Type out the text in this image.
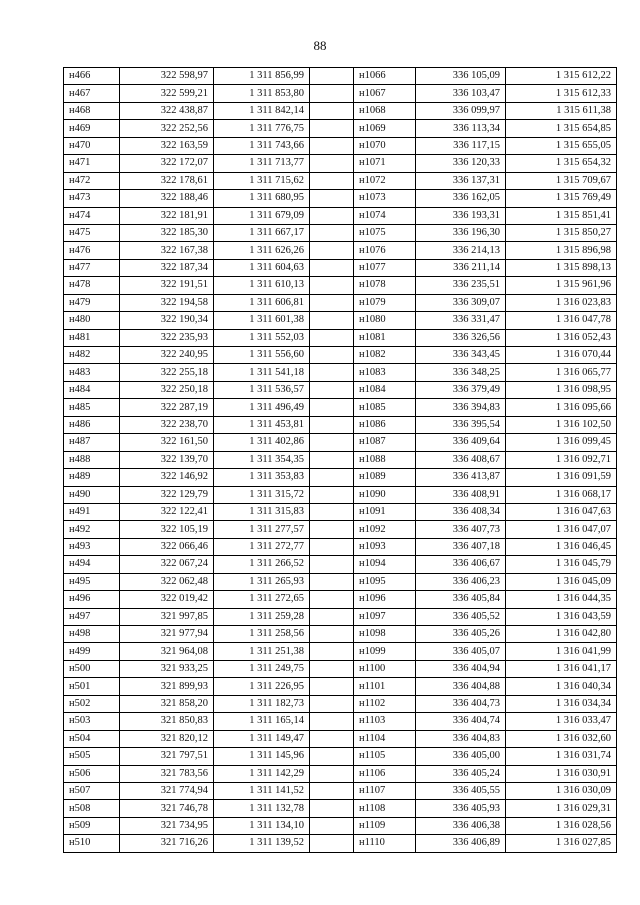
88
н466	322 598,97	1 311 856,99		н1066	336 105,09	1 315 612,22
н467	322 599,21	1 311 853,80		н1067	336 103,47	1 315 612,33
н468	322 438,87	1 311 842,14		н1068	336 099,97	1 315 611,38
н469	322 252,56	1 311 776,75		н1069	336 113,34	1 315 654,85
н470	322 163,59	1 311 743,66		н1070	336 117,15	1 315 655,05
н471	322 172,07	1 311 713,77		н1071	336 120,33	1 315 654,32
н472	322 178,61	1 311 715,62		н1072	336 137,31	1 315 709,67
н473	322 188,46	1 311 680,95		н1073	336 162,05	1 315 769,49
н474	322 181,91	1 311 679,09		н1074	336 193,31	1 315 851,41
н475	322 185,30	1 311 667,17		н1075	336 196,30	1 315 850,27
н476	322 167,38	1 311 626,26		н1076	336 214,13	1 315 896,98
н477	322 187,34	1 311 604,63		н1077	336 211,14	1 315 898,13
н478	322 191,51	1 311 610,13		н1078	336 235,51	1 315 961,96
н479	322 194,58	1 311 606,81		н1079	336 309,07	1 316 023,83
н480	322 190,34	1 311 601,38		н1080	336 331,47	1 316 047,78
н481	322 235,93	1 311 552,03		н1081	336 326,56	1 316 052,43
н482	322 240,95	1 311 556,60		н1082	336 343,45	1 316 070,44
н483	322 255,18	1 311 541,18		н1083	336 348,25	1 316 065,77
н484	322 250,18	1 311 536,57		н1084	336 379,49	1 316 098,95
н485	322 287,19	1 311 496,49		н1085	336 394,83	1 316 095,66
н486	322 238,70	1 311 453,81		н1086	336 395,54	1 316 102,50
н487	322 161,50	1 311 402,86		н1087	336 409,64	1 316 099,45
н488	322 139,70	1 311 354,35		н1088	336 408,67	1 316 092,71
н489	322 146,92	1 311 353,83		н1089	336 413,87	1 316 091,59
н490	322 129,79	1 311 315,72		н1090	336 408,91	1 316 068,17
н491	322 122,41	1 311 315,83		н1091	336 408,34	1 316 047,63
н492	322 105,19	1 311 277,57		н1092	336 407,73	1 316 047,07
н493	322 066,46	1 311 272,77		н1093	336 407,18	1 316 046,45
н494	322 067,24	1 311 266,52		н1094	336 406,67	1 316 045,79
н495	322 062,48	1 311 265,93		н1095	336 406,23	1 316 045,09
н496	322 019,42	1 311 272,65		н1096	336 405,84	1 316 044,35
н497	321 997,85	1 311 259,28		н1097	336 405,52	1 316 043,59
н498	321 977,94	1 311 258,56		н1098	336 405,26	1 316 042,80
н499	321 964,08	1 311 251,38		н1099	336 405,07	1 316 041,99
н500	321 933,25	1 311 249,75		н1100	336 404,94	1 316 041,17
н501	321 899,93	1 311 226,95		н1101	336 404,88	1 316 040,34
н502	321 858,20	1 311 182,73		н1102	336 404,73	1 316 034,34
н503	321 850,83	1 311 165,14		н1103	336 404,74	1 316 033,47
н504	321 820,12	1 311 149,47		н1104	336 404,83	1 316 032,60
н505	321 797,51	1 311 145,96		н1105	336 405,00	1 316 031,74
н506	321 783,56	1 311 142,29		н1106	336 405,24	1 316 030,91
н507	321 774,94	1 311 141,52		н1107	336 405,55	1 316 030,09
н508	321 746,78	1 311 132,78		н1108	336 405,93	1 316 029,31
н509	321 734,95	1 311 134,10		н1109	336 406,38	1 316 028,56
н510	321 716,26	1 311 139,52		н1110	336 406,89	1 316 027,85
